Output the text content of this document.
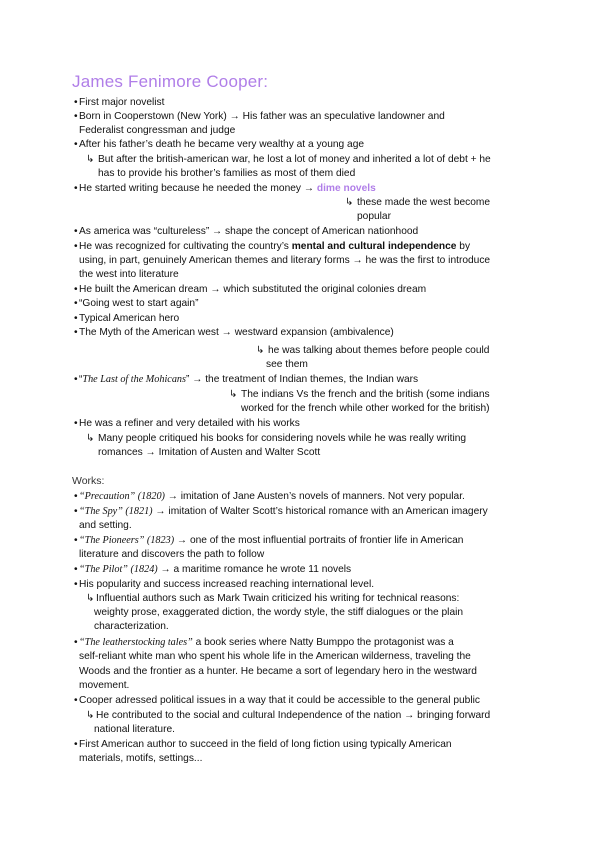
James Fenimore Cooper:
• First major novelist
• Born in Cooperstown (New York) → His father was an speculative landowner and
Federalist congressman and judge
• After his father’s death he became very wealthy at a young age
↳ But after the british-american war, he lost a lot of money and inherited a lot of debt + he
has to provide his brother’s families as most of them died
• He started writing because he needed the money → dime novels
↳ these made the west become
popular
• As america was “cultureless” → shape the concept of American nationhood
• He was recognized for cultivating the country’s mental and cultural independence by
using, in part, genuinely American themes and literary forms → he was the first to introduce
the west into literature
• He built the American dream → which substituted the original colonies dream
• “Going west to start again”
• Typical American hero
• The Myth of the American west → westward expansion (ambivalence)
↳ he was talking about themes before people could
see them
• “The Last of the Mohicans” → the treatment of Indian themes, the Indian wars
↳ The indians Vs the french and the british (some indians
worked for the french while other worked for the british)
• He was a refiner and very detailed with his works
↳ Many people critiqued his books for considering novels while he was really writing
romances → Imitation of Austen and Walter Scott
Works:
• “Precaution” (1820) → imitation of Jane Austen’s novels of manners. Not very popular.
• “The Spy” (1821) → imitation of Walter Scott’s historical romance with an American imagery
and setting.
• “The Pioneers” (1823) → one of the most influential portraits of frontier life in American
literature and discovers the path to follow
• “The Pilot” (1824) → a maritime romance he wrote 11 novels
• His popularity and success increased reaching international level.
↳ Influential authors such as Mark Twain criticized his writing for technical reasons:
weighty prose, exaggerated diction, the wordy style, the stiff dialogues or the plain
characterization.
• “The leatherstocking tales” a book series where Natty Bumppo the protagonist was a
self-reliant white man who spent his whole life in the American wilderness, traveling the
Woods and the frontier as a hunter. He became a sort of legendary hero in the westward
movement.
• Cooper adressed political issues in a way that it could be accessible to the general public
↳ He contributed to the social and cultural Independence of the nation → bringing forward
national literature.
• First American author to succeed in the field of long fiction using typically American
materials, motifs, settings...
